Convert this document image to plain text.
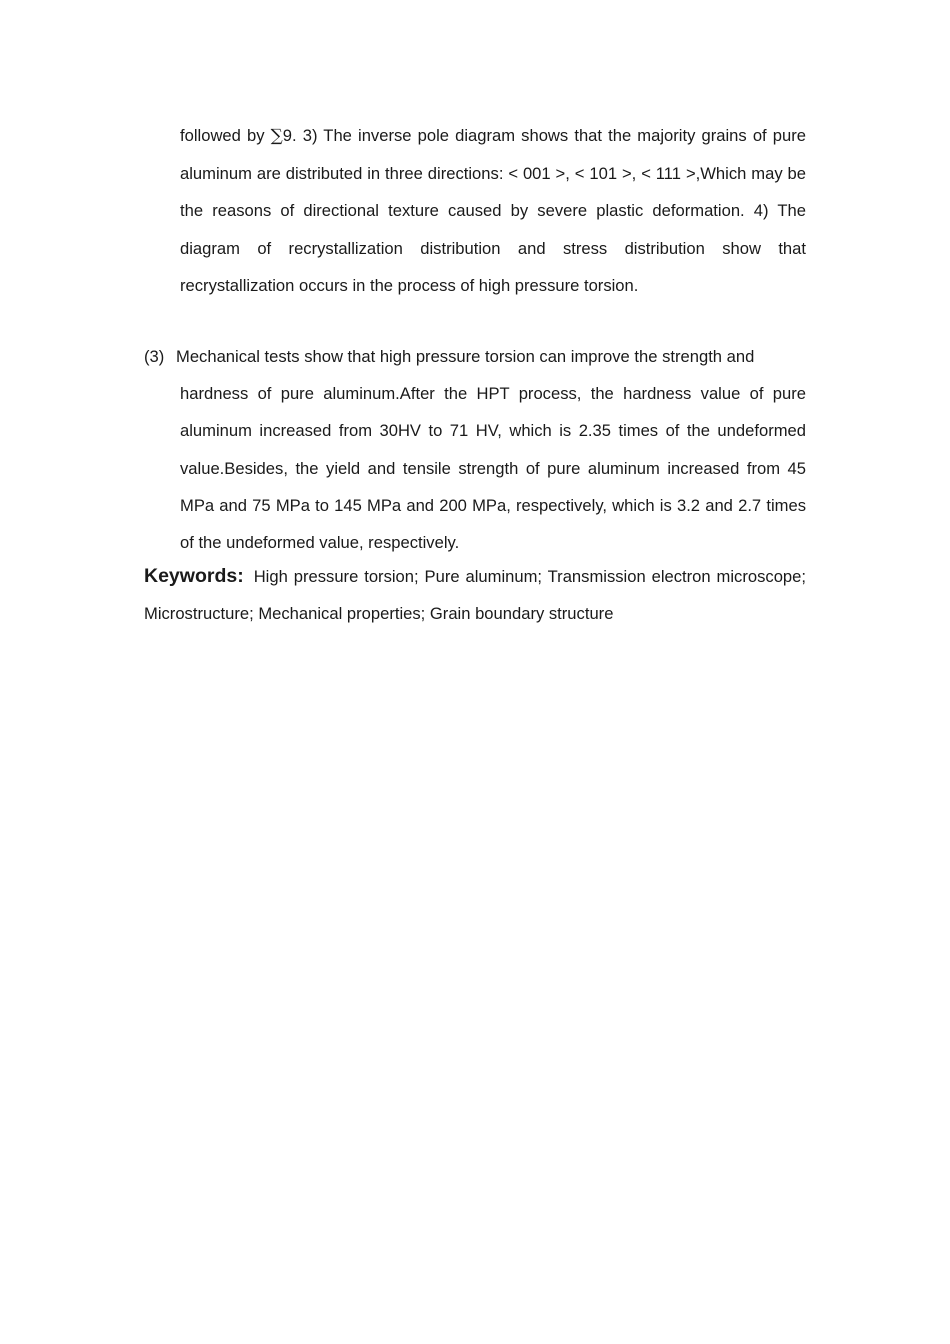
followed by ∑9. 3) The inverse pole diagram shows that the majority grains of pure aluminum are distributed in three directions: < 001 >, < 101 >, < 111 >,Which may be the reasons of directional texture caused by severe plastic deformation. 4) The diagram of recrystallization distribution and stress distribution show that recrystallization occurs in the process of high pressure torsion.
(3) Mechanical tests show that high pressure torsion can improve the strength and
hardness of pure aluminum.After the HPT process, the hardness value of pure aluminum increased from 30HV to 71 HV, which is 2.35 times of the undeformed value.Besides, the yield and tensile strength of pure aluminum increased from 45 MPa and 75 MPa to 145 MPa and 200 MPa, respectively, which is 3.2 and 2.7 times of the undeformed value, respectively.
Keywords: High pressure torsion; Pure aluminum; Transmission electron microscope; Microstructure; Mechanical properties; Grain boundary structure
